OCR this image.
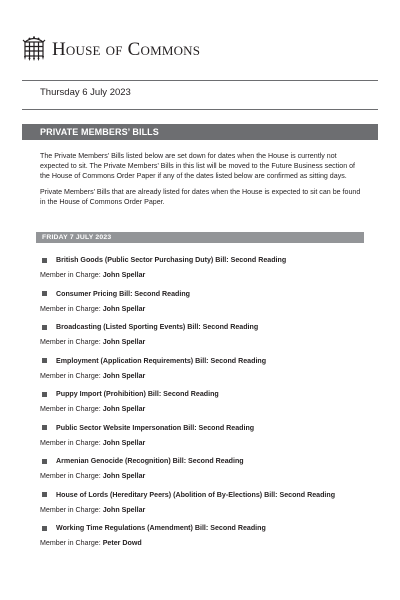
HOUSE OF COMMONS
Thursday 6 July 2023
PRIVATE MEMBERS’ BILLS

The Private Members’ Bills listed below are set down for dates when the House is currently not expected to sit. The Private Members’ Bills in this list will be moved to the Future Business section of the House of Commons Order Paper if any of the dates listed below are confirmed as sitting days.

Private Members’ Bills that are already listed for dates when the House is expected to sit can be found in the House of Commons Order Paper.

FRIDAY 7 JULY 2023
British Goods (Public Sector Purchasing Duty) Bill: Second Reading
Member in Charge: John Spellar
Consumer Pricing Bill: Second Reading
Member in Charge: John Spellar
Broadcasting (Listed Sporting Events) Bill: Second Reading
Member in Charge: John Spellar
Employment (Application Requirements) Bill: Second Reading
Member in Charge: John Spellar
Puppy Import (Prohibition) Bill: Second Reading
Member in Charge: John Spellar
Public Sector Website Impersonation Bill: Second Reading
Member in Charge: John Spellar
Armenian Genocide (Recognition) Bill: Second Reading
Member in Charge: John Spellar
House of Lords (Hereditary Peers) (Abolition of By-Elections) Bill: Second Reading
Member in Charge: John Spellar
Working Time Regulations (Amendment) Bill: Second Reading
Member in Charge: Peter Dowd
